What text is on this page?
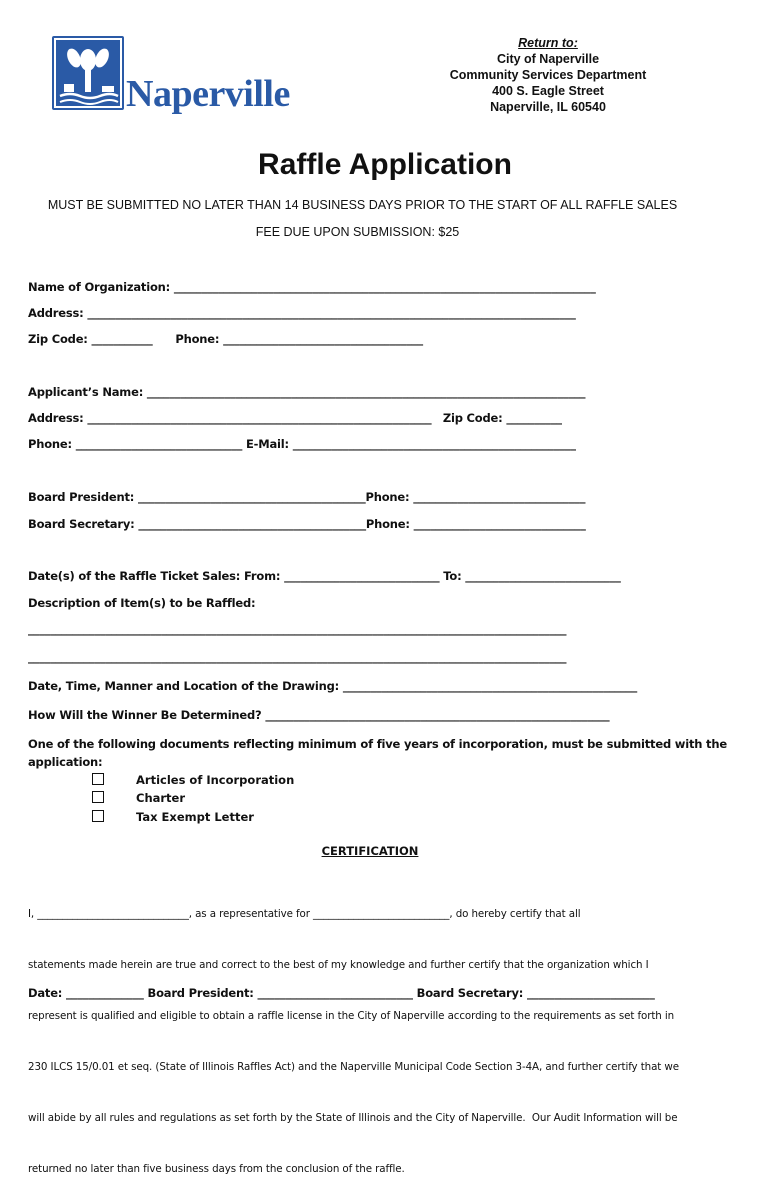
Naperville
Return to:
City of Naperville
Community Services Department
400 S. Eagle Street
Naperville, IL 60540
Raffle Application
MUST BE SUBMITTED NO LATER THAN 14 BUSINESS DAYS PRIOR TO THE START OF ALL RAFFLE SALES
FEE DUE UPON SUBMISSION: $25
Name of Organization: ____________________________________________________________________________
Address: ________________________________________________________________________________________
Zip Code: ___________      Phone: ____________________________________
Applicant’s Name: _______________________________________________________________________________
Address: ______________________________________________________________   Zip Code: __________
Phone: ______________________________ E-Mail: ___________________________________________________
Board President: _________________________________________Phone: _______________________________
Board Secretary: _________________________________________Phone: _______________________________
Date(s) of the Raffle Ticket Sales: From: ____________________________ To: ____________________________
Description of Item(s) to be Raffled:
_________________________________________________________________________________________________
_________________________________________________________________________________________________
Date, Time, Manner and Location of the Drawing: _____________________________________________________
How Will the Winner Be Determined? ______________________________________________________________
One of the following documents reflecting minimum of five years of incorporation, must be submitted with the
application:
Articles of Incorporation
Charter
Tax Exempt Letter
CERTIFICATION

I, ______________________________, as a representative for ___________________________, do hereby certify that all

statements made herein are true and correct to the best of my knowledge and further certify that the organization which I

represent is qualified and eligible to obtain a raffle license in the City of Naperville according to the requirements as set forth in

230 ILCS 15/0.01 et seq. (State of Illinois Raffles Act) and the Naperville Municipal Code Section 3-4A, and further certify that we

will abide by all rules and regulations as set forth by the State of Illinois and the City of Naperville.  Our Audit Information will be

returned no later than five business days from the conclusion of the raffle.

Date: ______________ Board President: ____________________________ Board Secretary: _______________________
